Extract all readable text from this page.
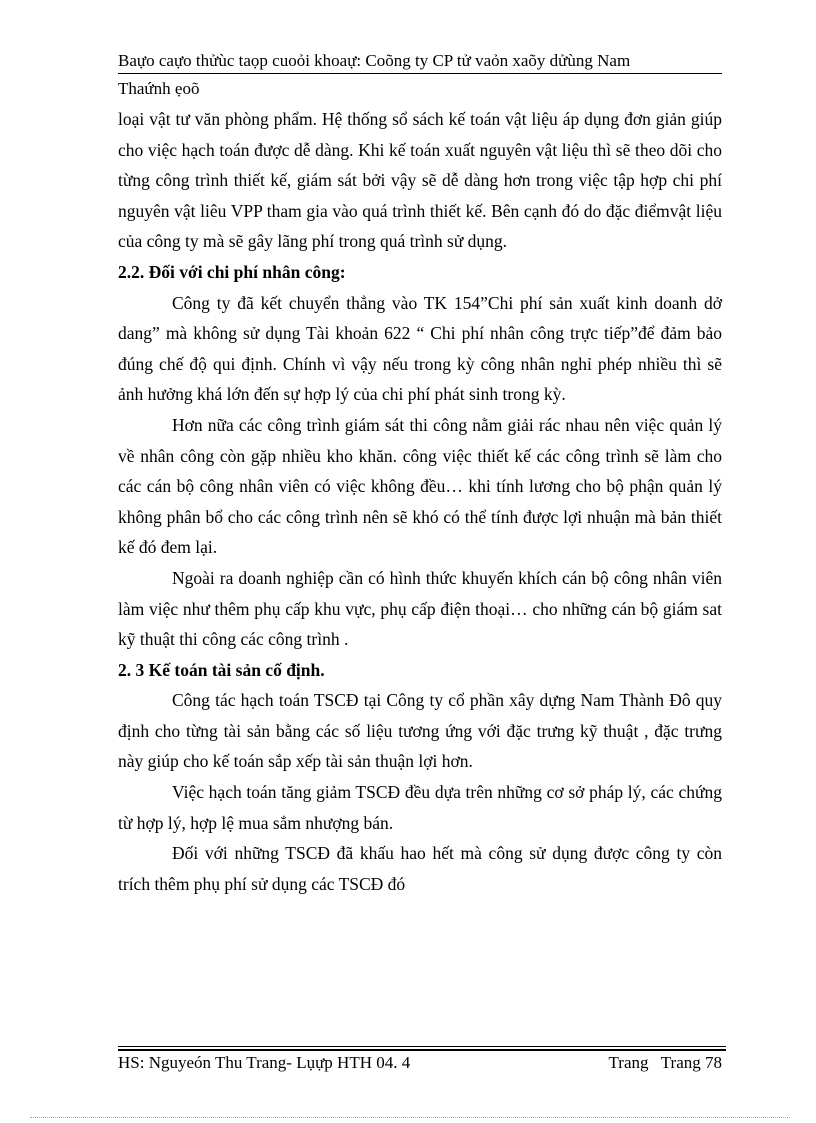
Baựo caựo thửùc taọp cuoỏi khoaự: Coõng ty CP tử vaỏn xaõy dửùng Nam
Thaứnh ẹoõ

loại vật tư văn phòng phẩm. Hệ thống sổ sách kế toán vật liệu áp dụng đơn giản giúp cho việc hạch toán được dễ dàng. Khi kế toán xuất nguyên vật liệu thì sẽ theo dõi cho từng công trình thiết kế, giám sát bởi vậy sẽ dễ dàng hơn trong việc tập hợp chi phí nguyên vật liêu VPP tham gia vào quá trình thiết kế. Bên cạnh đó do đặc điểmvật liệu của công ty mà sẽ gây lãng phí trong quá trình sử dụng.

2.2. Đối với chi phí nhân công:

Công ty đã kết chuyển thẳng vào TK 154”Chi phí sản xuất kinh doanh dở dang” mà không sử dụng Tài khoản 622 “ Chi phí nhân công trực tiếp”để đảm bảo đúng chế độ qui định. Chính vì vậy nếu trong kỳ công nhân nghỉ phép nhiều thì sẽ ảnh hưởng khá lớn đến sự hợp lý của chi phí phát sinh trong kỳ.

Hơn nữa các công trình giám sát thi công nằm giải rác nhau nên việc quản lý về nhân công còn gặp nhiều kho khăn. công việc thiết kế các công trình sẽ làm cho các cán bộ công nhân viên có việc không đều… khi tính lương cho bộ phận quản lý không phân bổ cho các công trình nên sẽ khó có thể tính được lợi nhuận mà bản thiết kế đó đem lại.

Ngoài ra doanh nghiệp cần có hình thức khuyến khích cán bộ công nhân viên làm việc như thêm phụ cấp khu vực, phụ cấp điện thoại… cho những cán bộ giám sat kỹ thuật thi công các công trình .

2. 3 Kế toán tài sản cố định.

Công tác hạch toán TSCĐ tại Công ty cổ phần xây dựng Nam Thành Đô quy định cho từng tài sản bằng các số liệu tương ứng với đặc trưng kỹ thuật , đặc trưng này giúp cho kế toán sắp xếp tài sản thuận lợi hơn.

Việc hạch toán tăng giảm TSCĐ đều dựa trên những cơ sở pháp lý, các chứng từ hợp lý, hợp lệ mua sắm nhượng bán.

Đối với những TSCĐ đã khấu hao hết mà công sử dụng được công ty còn trích thêm phụ phí sử dụng các TSCĐ đó

HS: Nguyeón Thu Trang- Lụựp HTH 04. 4	Trang Trang 78
